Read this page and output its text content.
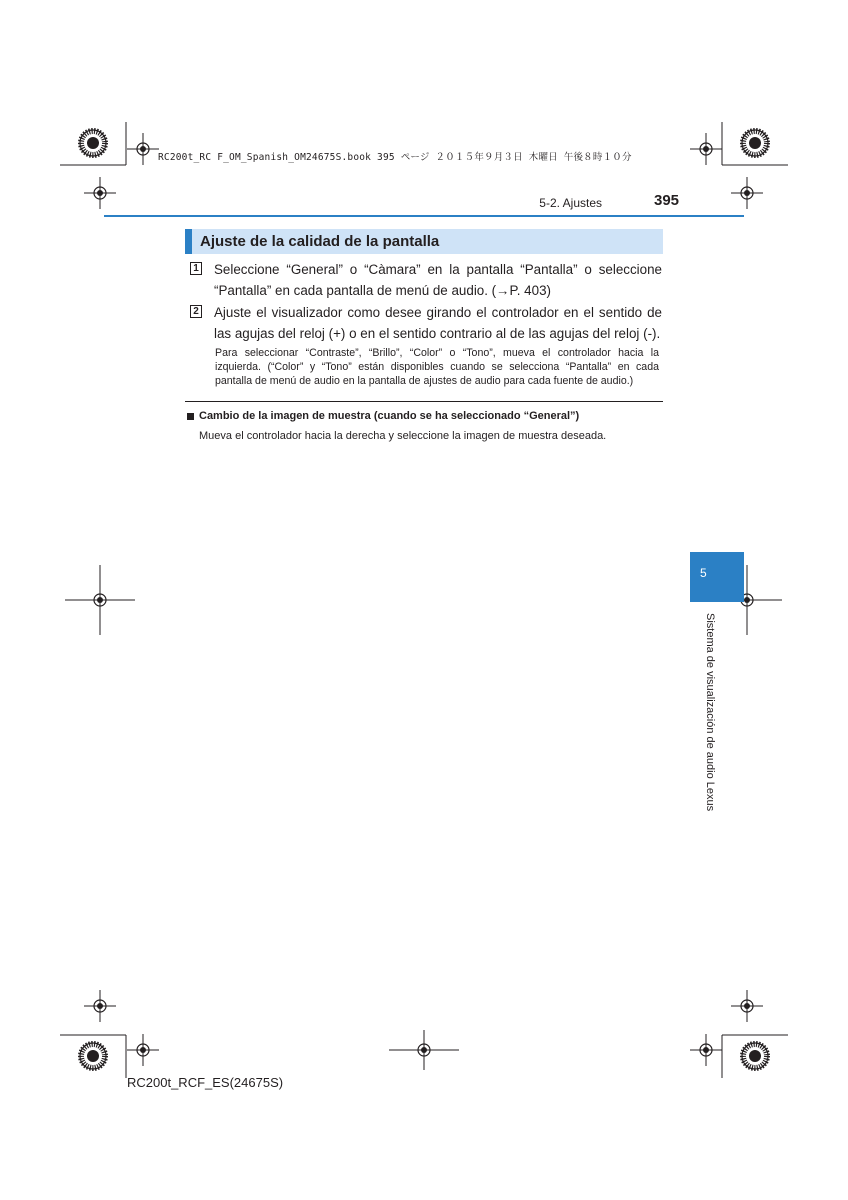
RC200t_RC F_OM_Spanish_OM24675S.book 395 ページ ２０１５年９月３日 木曜日 午後８時１０分
5-2. Ajustes	395
Ajuste de la calidad de la pantalla
1 Seleccione “General” o “Càmara” en la pantalla “Pantalla” o seleccione “Pantalla” en cada pantalla de menú de audio. (→P. 403)
2 Ajuste el visualizador como desee girando el controlador en el sentido de las agujas del reloj (+) o en el sentido contrario al de las agujas del reloj (-).
Para seleccionar “Contraste”, “Brillo”, “Color” o “Tono”, mueva el controlador hacia la izquierda. (“Color” y “Tono” están disponibles cuando se selecciona “Pantalla” en cada pantalla de menú de audio en la pantalla de ajustes de audio para cada fuente de audio.)
Cambio de la imagen de muestra (cuando se ha seleccionado “General”)
Mueva el controlador hacia la derecha y seleccione la imagen de muestra deseada.
5
Sistema de visualización de audio Lexus
RC200t_RCF_ES(24675S)
